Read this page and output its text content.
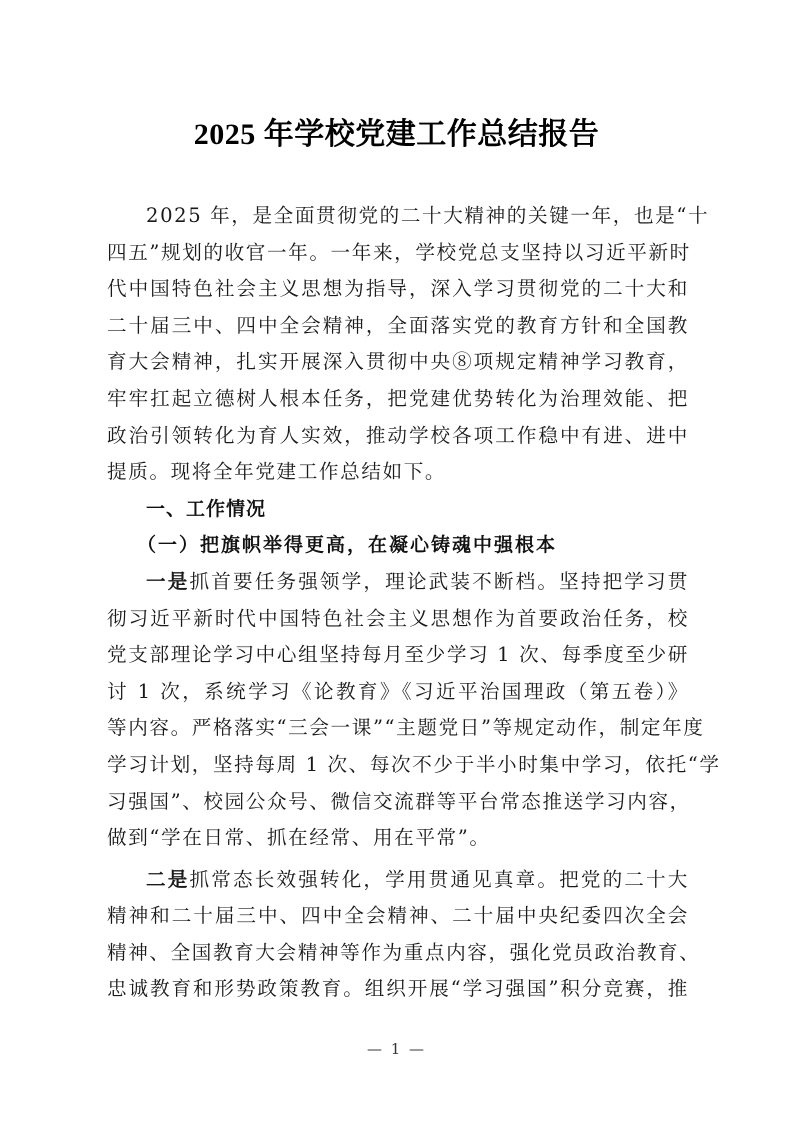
2025 年学校党建工作总结报告
2025 年，是全面贯彻党的二十大精神的关键一年，也是“十
四五”规划的收官一年。一年来，学校党总支坚持以习近平新时
代中国特色社会主义思想为指导，深入学习贯彻党的二十大和
二十届三中、四中全会精神，全面落实党的教育方针和全国教
育大会精神，扎实开展深入贯彻中央⑧项规定精神学习教育，
牢牢扛起立德树人根本任务，把党建优势转化为治理效能、把
政治引领转化为育人实效，推动学校各项工作稳中有进、进中
提质。现将全年党建工作总结如下。
一、工作情况
（一）把旗帜举得更高，在凝心铸魂中强根本
一是抓首要任务强领学，理论武装不断档。坚持把学习贯
彻习近平新时代中国特色社会主义思想作为首要政治任务，校
党支部理论学习中心组坚持每月至少学习 1 次、每季度至少研
讨 1 次，系统学习《论教育》《习近平治国理政（第五卷）》
等内容。严格落实“三会一课”“主题党日”等规定动作，制定年度
学习计划，坚持每周 1 次、每次不少于半小时集中学习，依托“学
习强国”、校园公众号、微信交流群等平台常态推送学习内容，
做到“学在日常、抓在经常、用在平常”。
二是抓常态长效强转化，学用贯通见真章。把党的二十大
精神和二十届三中、四中全会精神、二十届中央纪委四次全会
精神、全国教育大会精神等作为重点内容，强化党员政治教育、
忠诚教育和形势政策教育。组织开展“学习强国”积分竞赛，推
— 1 —
